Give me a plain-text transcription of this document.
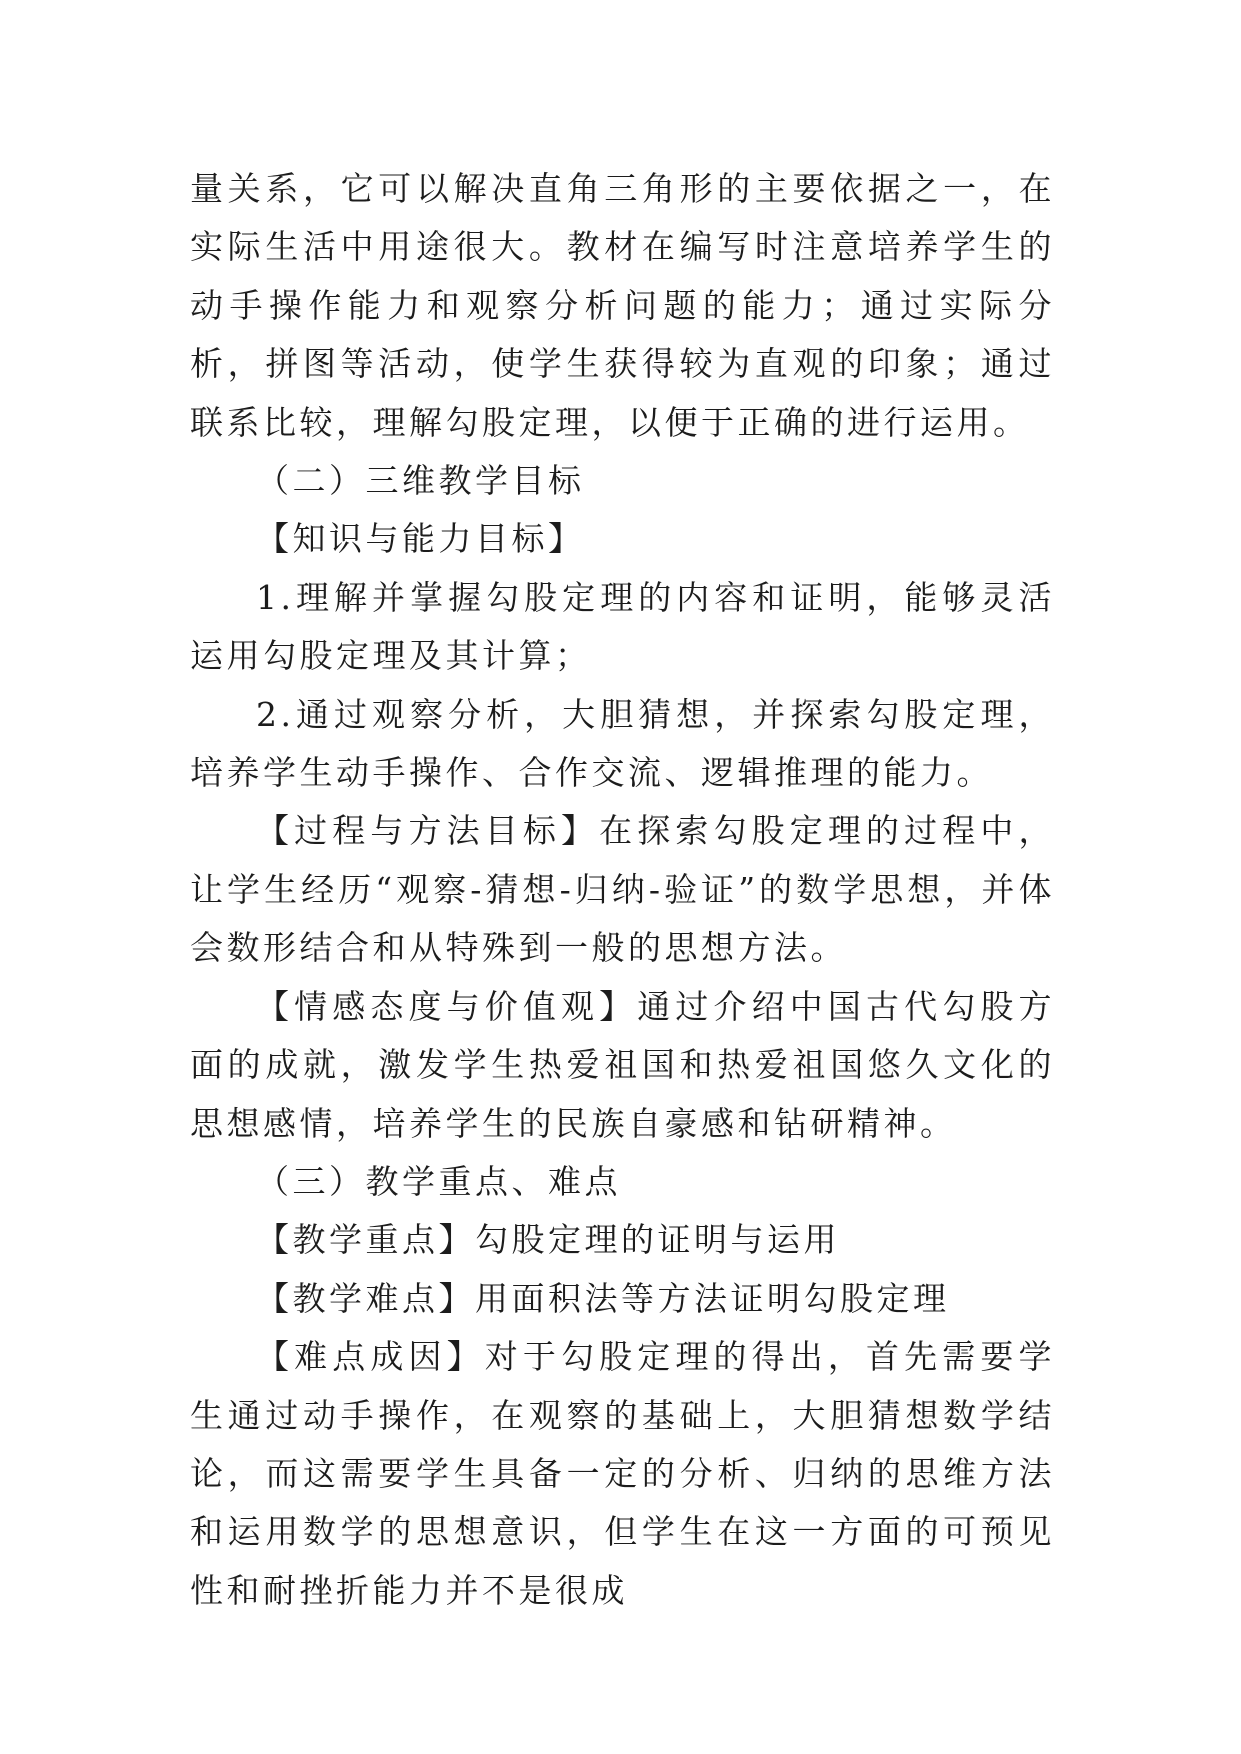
量关系，它可以解决直角三角形的主要依据之一，在实际生活中用途很大。教材在编写时注意培养学生的动手操作能力和观察分析问题的能力；通过实际分析，拼图等活动，使学生获得较为直观的印象；通过联系比较，理解勾股定理，以便于正确的进行运用。

（二）三维教学目标

【知识与能力目标】

1.理解并掌握勾股定理的内容和证明，能够灵活运用勾股定理及其计算；

2.通过观察分析，大胆猜想，并探索勾股定理，培养学生动手操作、合作交流、逻辑推理的能力。

【过程与方法目标】在探索勾股定理的过程中，让学生经历“观察-猜想-归纳-验证”的数学思想，并体会数形结合和从特殊到一般的思想方法。

【情感态度与价值观】通过介绍中国古代勾股方面的成就，激发学生热爱祖国和热爱祖国悠久文化的思想感情，培养学生的民族自豪感和钻研精神。

（三）教学重点、难点

【教学重点】勾股定理的证明与运用

【教学难点】用面积法等方法证明勾股定理

【难点成因】对于勾股定理的得出，首先需要学生通过动手操作，在观察的基础上，大胆猜想数学结论，而这需要学生具备一定的分析、归纳的思维方法和运用数学的思想意识，但学生在这一方面的可预见性和耐挫折能力并不是很成
